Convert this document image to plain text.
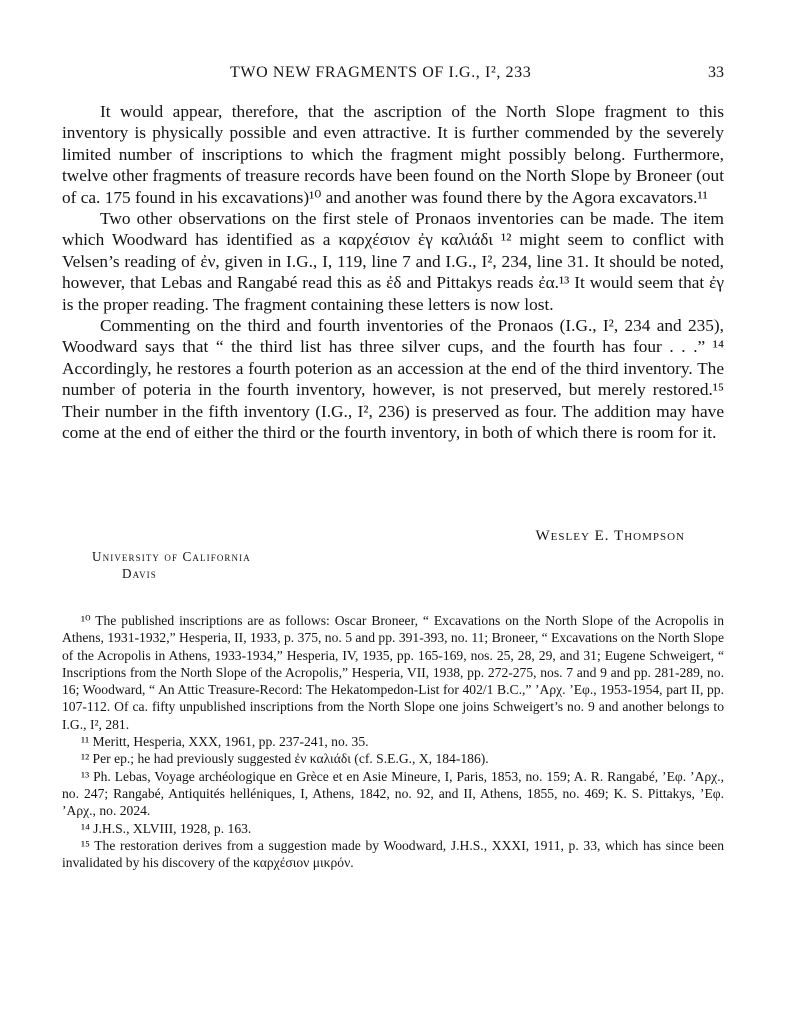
TWO NEW FRAGMENTS OF I.G., I², 233	33

It would appear, therefore, that the ascription of the North Slope fragment to this inventory is physically possible and even attractive. It is further commended by the severely limited number of inscriptions to which the fragment might possibly belong. Furthermore, twelve other fragments of treasure records have been found on the North Slope by Broneer (out of ca. 175 found in his excavations)¹⁰ and another was found there by the Agora excavators.¹¹

Two other observations on the first stele of Pronaos inventories can be made. The item which Woodward has identified as a καρχέσιον ἐγ καλιάδι ¹² might seem to conflict with Velsen’s reading of ἐν, given in I.G., I, 119, line 7 and I.G., I², 234, line 31. It should be noted, however, that Lebas and Rangabé read this as ἐδ and Pittakys reads ἐα.¹³ It would seem that ἐγ is the proper reading. The fragment containing these letters is now lost.

Commenting on the third and fourth inventories of the Pronaos (I.G., I², 234 and 235), Woodward says that “ the third list has three silver cups, and the fourth has four . . .” ¹⁴ Accordingly, he restores a fourth poterion as an accession at the end of the third inventory. The number of poteria in the fourth inventory, however, is not preserved, but merely restored.¹⁵ Their number in the fifth inventory (I.G., I², 236) is preserved as four. The addition may have come at the end of either the third or the fourth inventory, in both of which there is room for it.

Wesley E. Thompson
University of California
Davis

¹⁰ The published inscriptions are as follows: Oscar Broneer, “ Excavations on the North Slope of the Acropolis in Athens, 1931-1932,” Hesperia, II, 1933, p. 375, no. 5 and pp. 391-393, no. 11; Broneer, “ Excavations on the North Slope of the Acropolis in Athens, 1933-1934,” Hesperia, IV, 1935, pp. 165-169, nos. 25, 28, 29, and 31; Eugene Schweigert, “ Inscriptions from the North Slope of the Acropolis,” Hesperia, VII, 1938, pp. 272-275, nos. 7 and 9 and pp. 281-289, no. 16; Woodward, “ An Attic Treasure-Record: The Hekatompedon-List for 402/1 B.C.,” ’Αρχ. ’Εφ., 1953-1954, part II, pp. 107-112. Of ca. fifty unpublished inscriptions from the North Slope one joins Schweigert’s no. 9 and another belongs to I.G., I², 281.

¹¹ Meritt, Hesperia, XXX, 1961, pp. 237-241, no. 35.

¹² Per ep.; he had previously suggested ἐν καλιάδι (cf. S.E.G., X, 184-186).

¹³ Ph. Lebas, Voyage archéologique en Grèce et en Asie Mineure, I, Paris, 1853, no. 159; A. R. Rangabé, ’Εφ. ’Αρχ., no. 247; Rangabé, Antiquités helléniques, I, Athens, 1842, no. 92, and II, Athens, 1855, no. 469; K. S. Pittakys, ’Εφ. ’Αρχ., no. 2024.

¹⁴ J.H.S., XLVIII, 1928, p. 163.

¹⁵ The restoration derives from a suggestion made by Woodward, J.H.S., XXXI, 1911, p. 33, which has since been invalidated by his discovery of the καρχέσιον μικρόν.
